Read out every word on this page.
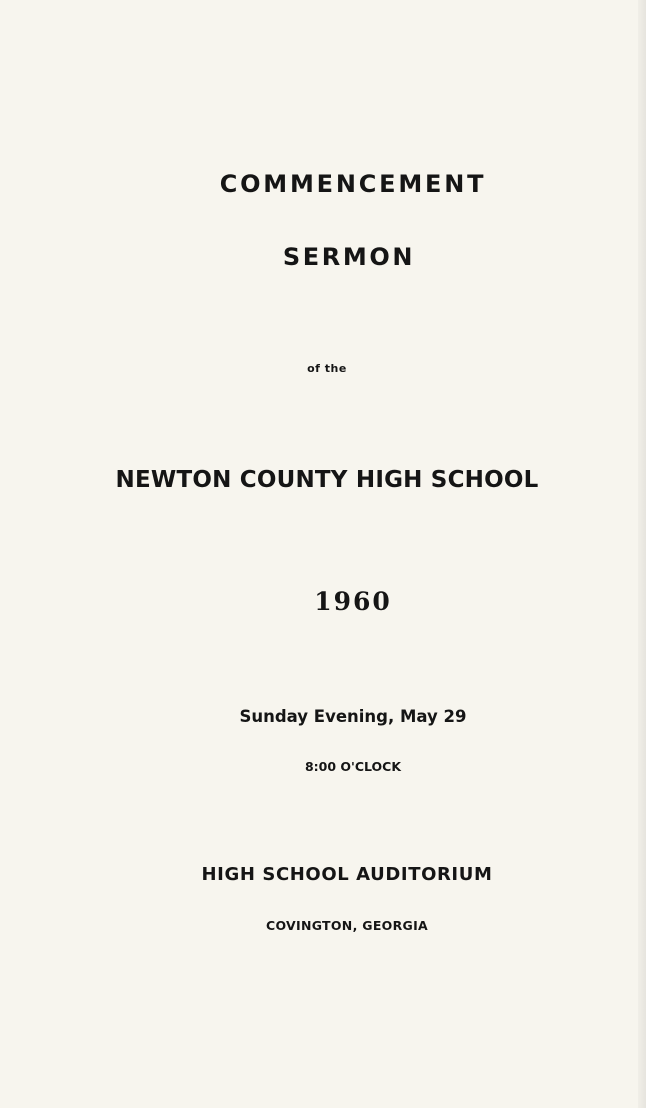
COMMENCEMENT

SERMON

of the

NEWTON COUNTY HIGH SCHOOL

1960

Sunday Evening, May 29

8:00 O'CLOCK

HIGH SCHOOL AUDITORIUM

COVINGTON, GEORGIA
